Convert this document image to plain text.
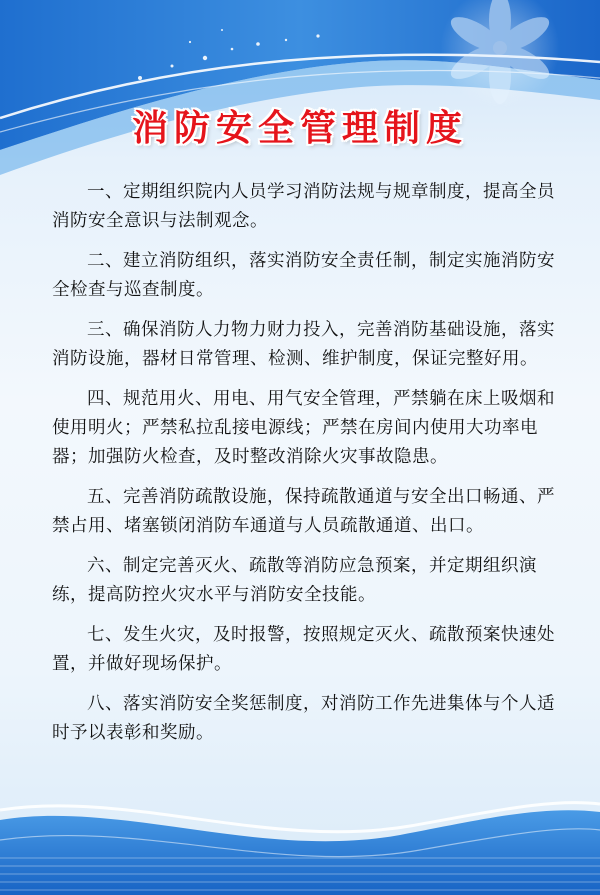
消防安全管理制度

一、定期组织院内人员学习消防法规与规章制度，提高全员消防安全意识与法制观念。

二、建立消防组织，落实消防安全责任制，制定实施消防安全检查与巡查制度。

三、确保消防人力物力财力投入，完善消防基础设施，落实消防设施，器材日常管理、检测、维护制度，保证完整好用。

四、规范用火、用电、用气安全管理，严禁躺在床上吸烟和使用明火；严禁私拉乱接电源线；严禁在房间内使用大功率电器；加强防火检查，及时整改消除火灾事故隐患。

五、完善消防疏散设施，保持疏散通道与安全出口畅通、严禁占用、堵塞锁闭消防车通道与人员疏散通道、出口。

六、制定完善灭火、疏散等消防应急预案，并定期组织演练，提高防控火灾水平与消防安全技能。

七、发生火灾，及时报警，按照规定灭火、疏散预案快速处置，并做好现场保护。

八、落实消防安全奖惩制度，对消防工作先进集体与个人适时予以表彰和奖励。
